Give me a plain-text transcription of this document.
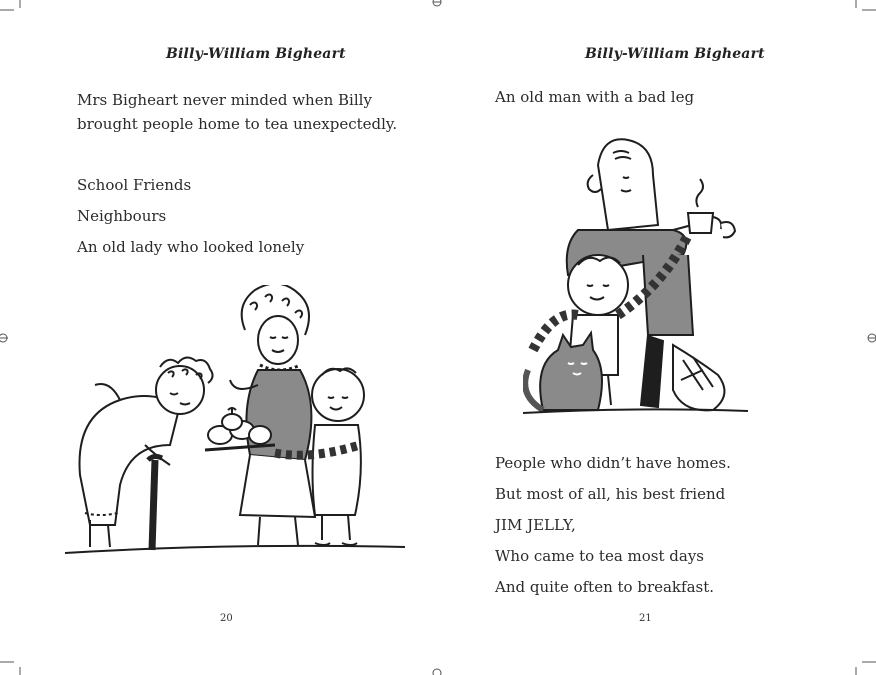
Billy-William Bigheart

Mrs Bigheart never minded when Billy
brought people home to tea unexpectedly.

School Friends

Neighbours

An old lady who looked lonely

20
Billy-William Bigheart
An old man with a bad leg

People who didn’t have homes.

But most of all, his best friend

JIM JELLY,

Who came to tea most days

And quite often to breakfast.

21
